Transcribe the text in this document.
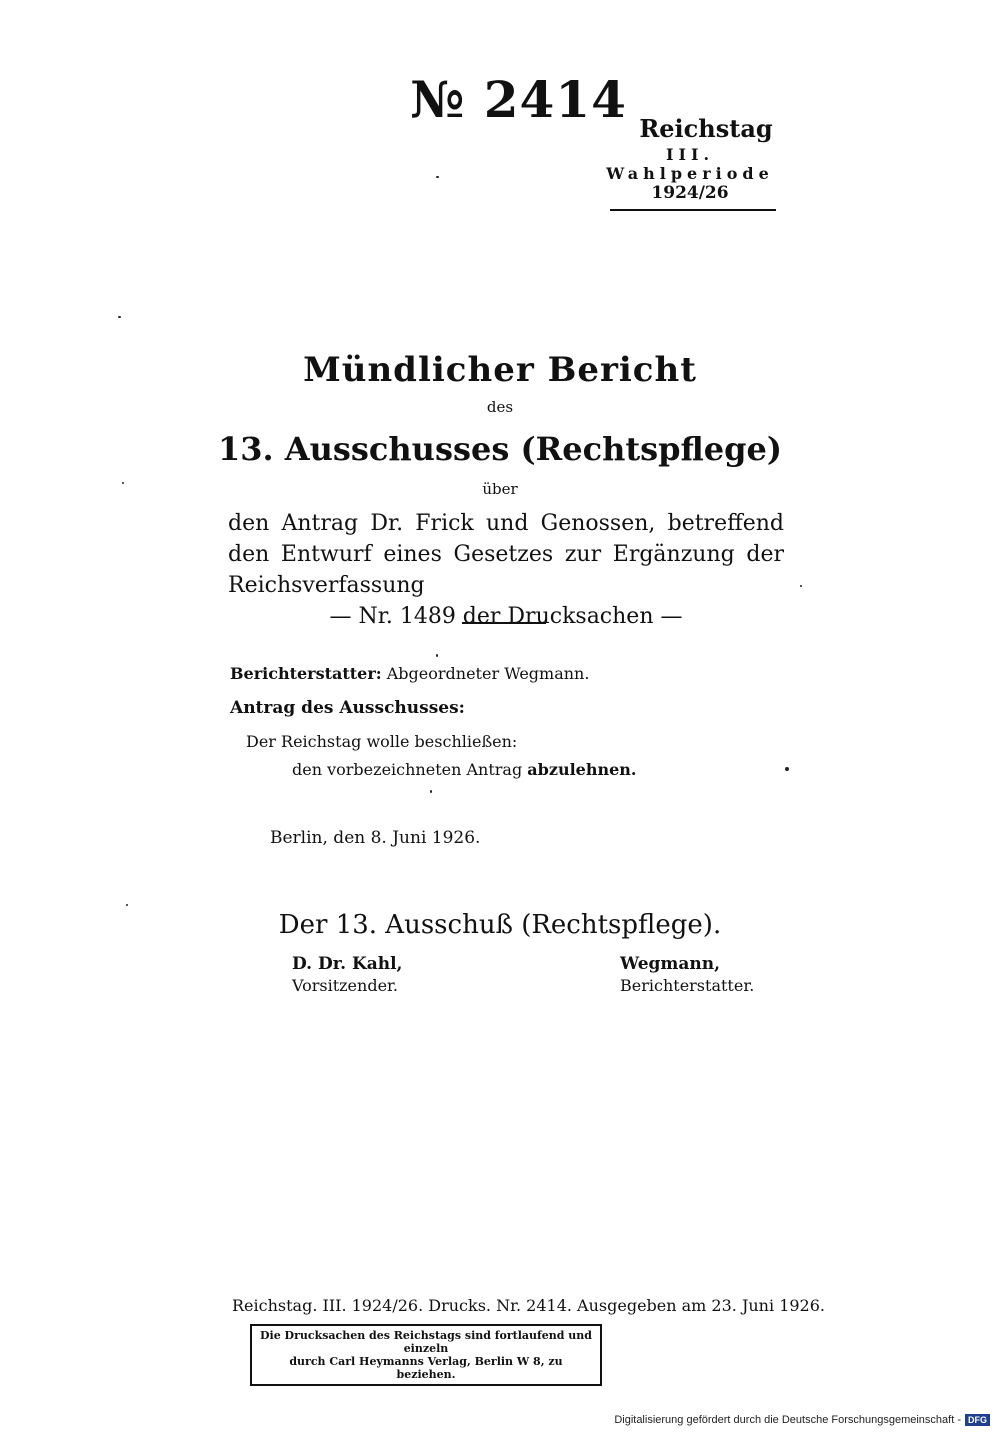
№ 2414 Reichstag
III. Wahlperiode
1924/26
Mündlicher Bericht
des
13. Ausschusses (Rechtspflege)
über
den Antrag Dr. Frick und Genossen, betreffend den Entwurf eines Gesetzes zur Ergänzung der Reichsverfassung
— Nr. 1489 der Drucksachen —
Berichterstatter: Abgeordneter Wegmann.
Antrag des Ausschusses:
Der Reichstag wolle beschließen:
den vorbezeichneten Antrag abzulehnen.
Berlin, den 8. Juni 1926.
Der 13. Ausschuß (Rechtspflege).
D. Dr. Kahl,
Vorsitzender.
Wegmann,
Berichterstatter.
Reichstag. III. 1924/26. Drucks. Nr. 2414. Ausgegeben am 23. Juni 1926.
Die Drucksachen des Reichstags sind fortlaufend und einzeln
durch Carl Heymanns Verlag, Berlin W 8, zu beziehen.
Digitalisierung gefördert durch die Deutsche Forschungsgemeinschaft - DFG
